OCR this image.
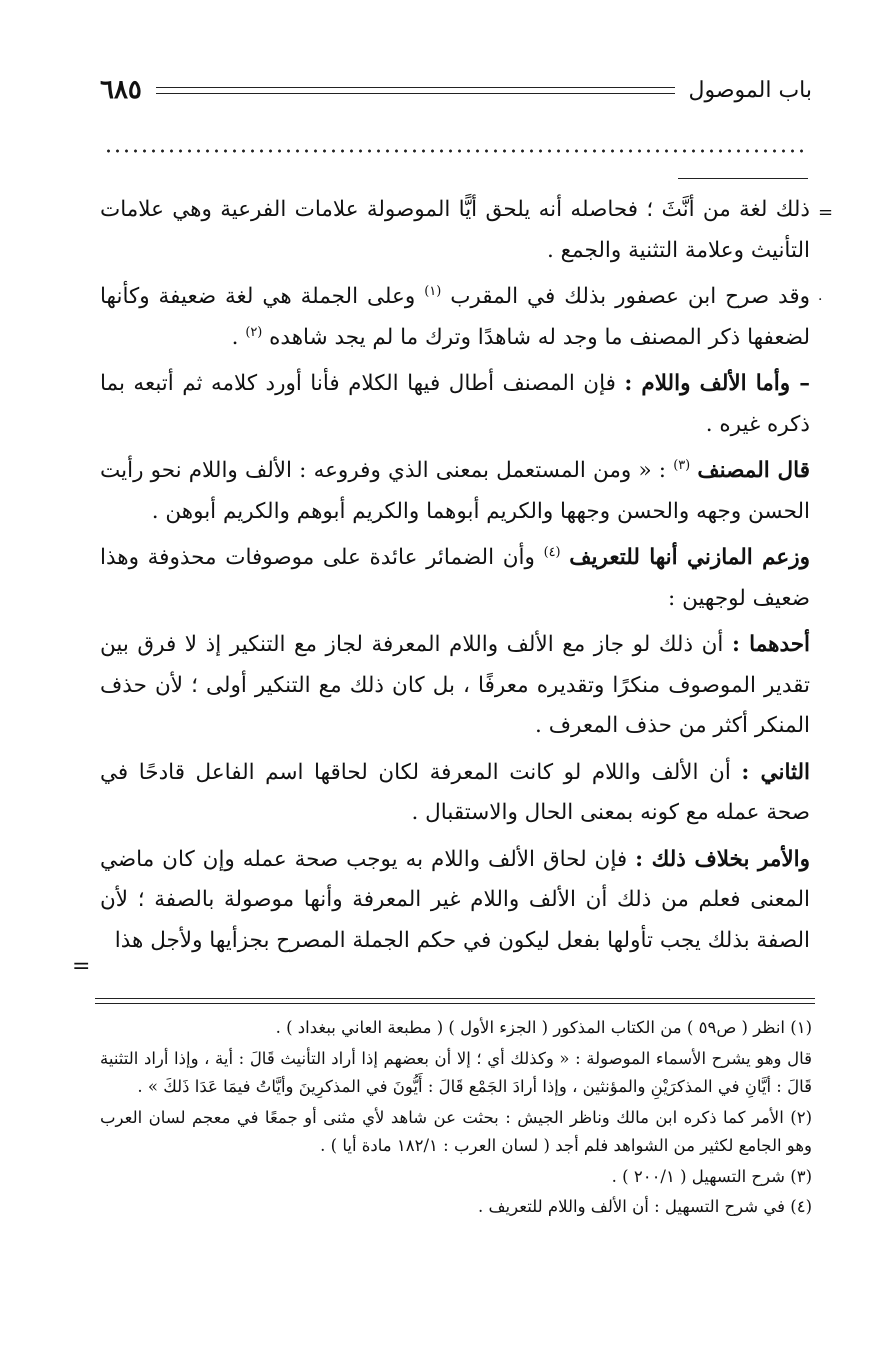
باب الموصول
٦٨٥
=
·
=

ذلك لغة من أنَّثَ ؛ فحاصله أنه يلحق أيًّا الموصولة علامات الفرعية وهي علامات التأنيث وعلامة التثنية والجمع .

وقد صرح ابن عصفور بذلك في المقرب $^{(١)}$ وعلى الجملة هي لغة ضعيفة وكأنها لضعفها ذكر المصنف ما وجد له شاهدًا وترك ما لم يجد شاهده $^{(٢)}$ .

– وأما الألف واللام : فإن المصنف أطال فيها الكلام فأنا أورد كلامه ثم أتبعه بما ذكره غيره .

قال المصنف $^{(٣)}$ : « ومن المستعمل بمعنى الذي وفروعه : الألف واللام نحو رأيت الحسن وجهه والحسن وجهها والكريم أبوهما والكريم أبوهم والكريم أبوهن .

وزعم المازني أنها للتعريف $^{(٤)}$ وأن الضمائر عائدة على موصوفات محذوفة وهذا ضعيف لوجهين :

أحدهما : أن ذلك لو جاز مع الألف واللام المعرفة لجاز مع التنكير إذ لا فرق بين تقدير الموصوف منكرًا وتقديره معرفًا ، بل كان ذلك مع التنكير أولى ؛ لأن حذف المنكر أكثر من حذف المعرف .

الثاني : أن الألف واللام لو كانت المعرفة لكان لحاقها اسم الفاعل قادحًا في صحة عمله مع كونه بمعنى الحال والاستقبال .

والأمر بخلاف ذلك : فإن لحاق الألف واللام به يوجب صحة عمله وإن كان ماضي المعنى فعلم من ذلك أن الألف واللام غير المعرفة وأنها موصولة بالصفة ؛ لأن الصفة بذلك يجب تأولها بفعل ليكون في حكم الجملة المصرح بجزأيها ولأجل هذا

(١) انظر ( ص٥٩ ) من الكتاب المذكور ( الجزء الأول ) ( مطبعة العاني ببغداد ) .

قال وهو يشرح الأسماء الموصولة : « وكذلك أي ؛ إلا أن بعضهم إذا أراد التأنيث قَالَ : أية ، وإذا أراد التثنية قَالَ : أيَّانِ في المذكرَيْنِ والمؤنثين ، وإذا أرادَ الجَمْع قَالَ : أَيُّونَ في المذكرِينَ وأيَّاتُ فيمَا عَدَا ذَلكَ » .

(٢) الأمر كما ذكره ابن مالك وناظر الجيش : بحثت عن شاهد لأي مثنى أو جمعًا في معجم لسان العرب وهو الجامع لكثير من الشواهد فلم أجد ( لسان العرب : ١٨٢/١ مادة أيا ) .

(٣) شرح التسهيل ( ٢٠٠/١ ) .

(٤) في شرح التسهيل : أن الألف واللام للتعريف .
